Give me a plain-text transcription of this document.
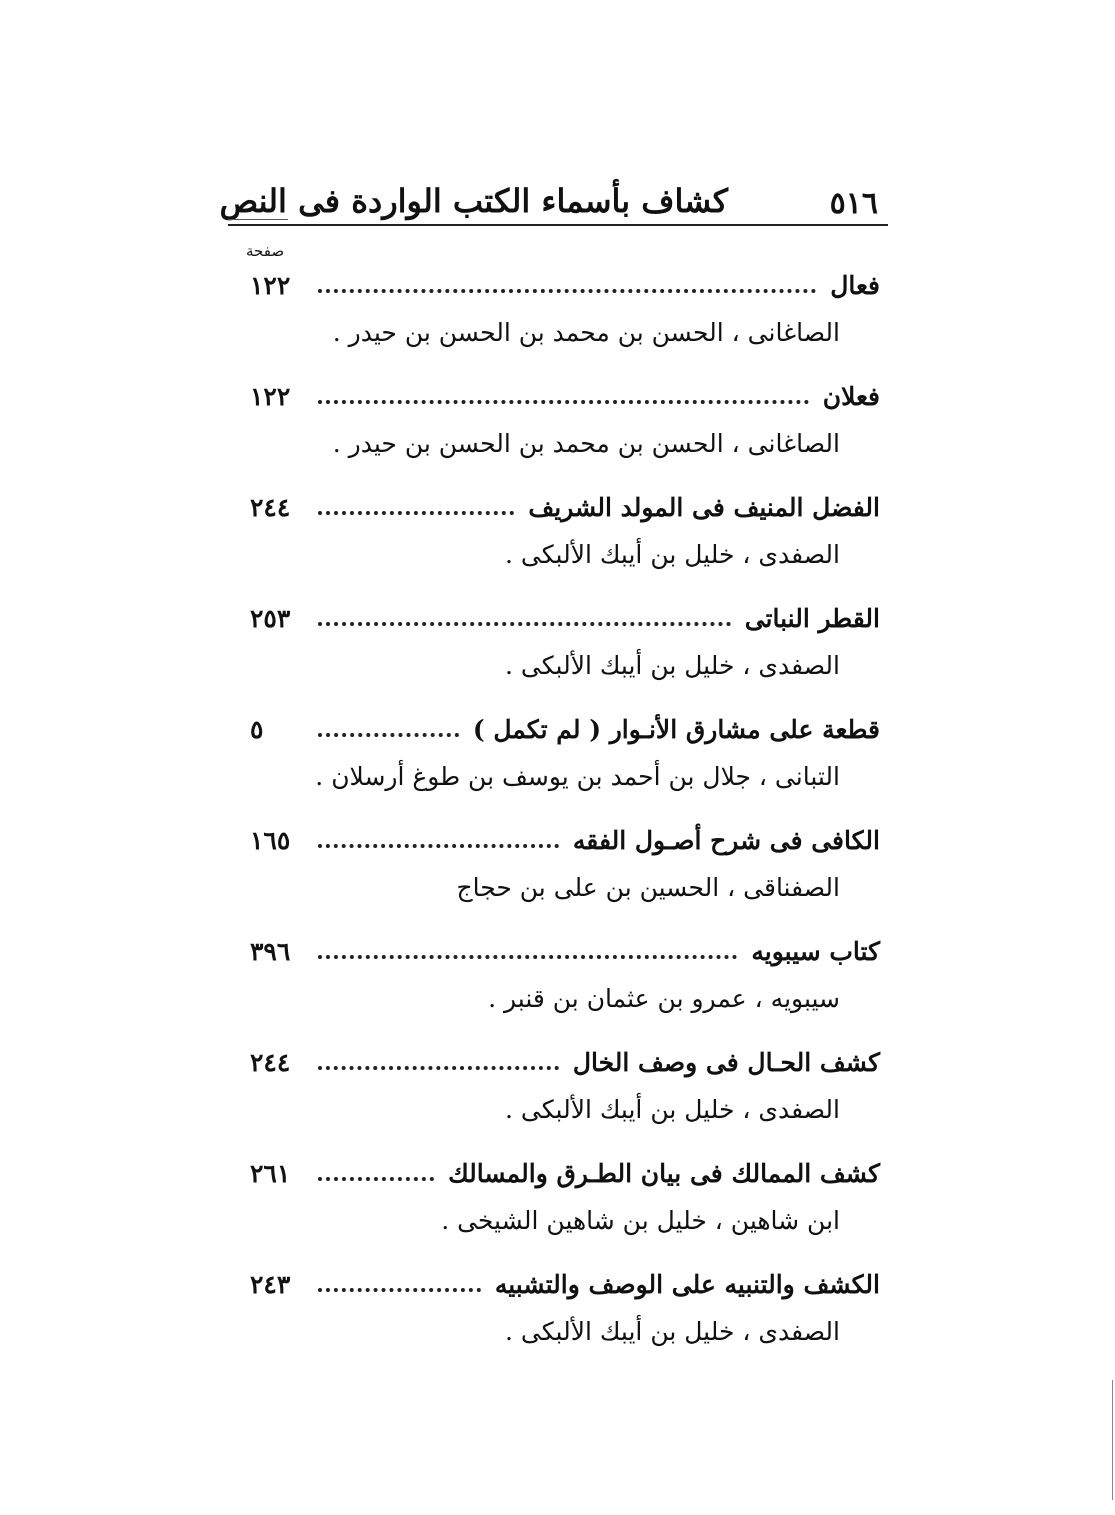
٥١٦
كشاف بأسماء الكتب الواردة فى النص
صفحة
فعال
١٢٢
الصاغانى ، الحسن بن محمد بن الحسن بن حيدر .
فعلان
١٢٢
الصاغانى ، الحسن بن محمد بن الحسن بن حيدر .
الفضل المنيف فى المولد الشريف
٢٤٤
الصفدى ، خليل بن أيبك الألبكى .
القطر النباتى
٢٥٣
الصفدى ، خليل بن أيبك الألبكى .
قطعة على مشارق الأنـوار ( لم تكمل )
٥
التبانى ، جلال بن أحمد بن يوسف بن طوغ أرسلان .
الكافى فى شرح أصـول الفقه
١٦٥
الصفناقى ، الحسين بن على بن حجاج
كتاب سيبويه
٣٩٦
سيبويه ، عمرو بن عثمان بن قنبر .
كشف الحـال فى وصف الخال
٢٤٤
الصفدى ، خليل بن أيبك الألبكى .
كشف الممالك فى بيان الطـرق والمسالك
٢٦١
ابن شاهين ، خليل بن شاهين الشيخى .
الكشف والتنبيه على الوصف والتشبيه
٢٤٣
الصفدى ، خليل بن أيبك الألبكى .
